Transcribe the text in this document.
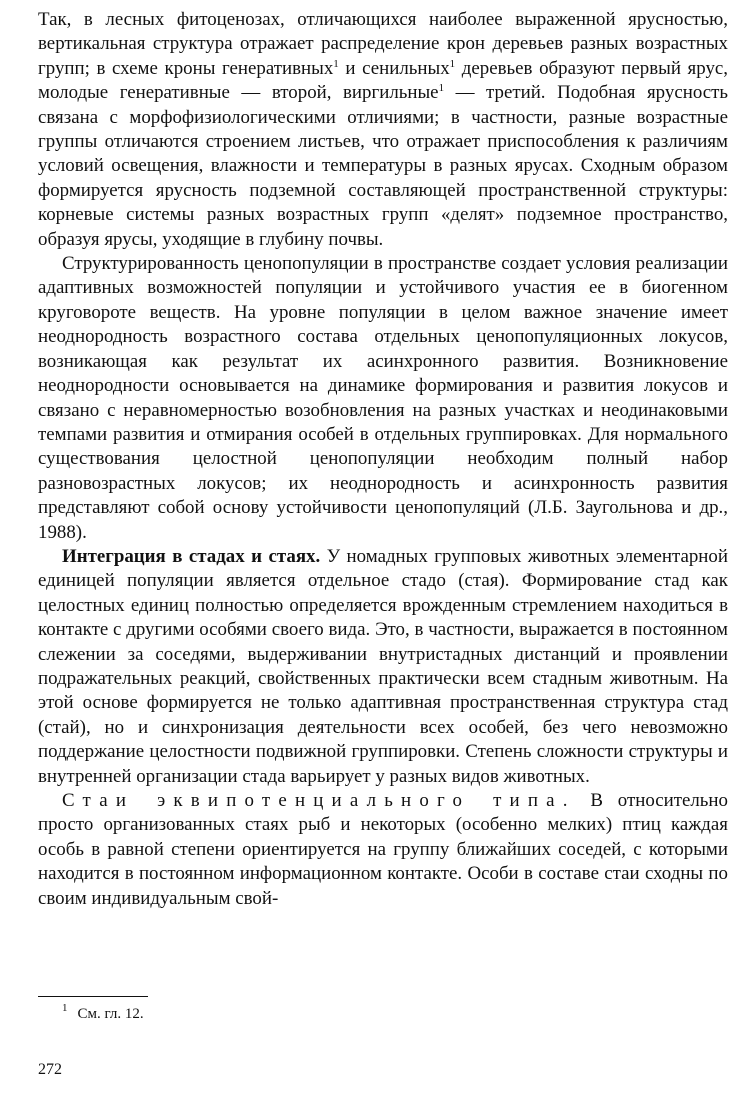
Так, в лесных фитоценозах, отличающихся наиболее выраженной ярусностью, вертикальная структура отражает распределение крон деревьев разных возрастных групп; в схеме кроны генеративных$^1$ и сенильных$^1$ деревьев образуют первый ярус, молодые генеративные — второй, виргильные$^1$ — третий. Подобная ярусность связана с морфофизиологическими отличиями; в частности, разные возрастные группы отличаются строением листьев, что отражает приспособления к различиям условий освещения, влажности и температуры в разных ярусах. Сходным образом формируется ярусность подземной составляющей пространственной структуры: корневые системы разных возрастных групп «делят» подземное пространство, образуя ярусы, уходящие в глубину почвы.

Структурированность ценопопуляции в пространстве создает условия реализации адаптивных возможностей популяции и устойчивого участия ее в биогенном круговороте веществ. На уровне популяции в целом важное значение имеет неоднородность возрастного состава отдельных ценопопуляционных локусов, возникающая как результат их асинхронного развития. Возникновение неоднородности основывается на динамике формирования и развития локусов и связано с неравномерностью возобновления на разных участках и неодинаковыми темпами развития и отмирания особей в отдельных группировках. Для нормального существования целостной ценопопуляции необходим полный набор разновозрастных локусов; их неоднородность и асинхронность развития представляют собой основу устойчивости ценопопуляций (Л.Б. Заугольнова и др., 1988).

Интеграция в стадах и стаях. У номадных групповых животных элементарной единицей популяции является отдельное стадо (стая). Формирование стад как целостных единиц полностью определяется врожденным стремлением находиться в контакте с другими особями своего вида. Это, в частности, выражается в постоянном слежении за соседями, выдерживании внутристадных дистанций и проявлении подражательных реакций, свойственных практически всем стадным животным. На этой основе формируется не только адаптивная пространственная структура стад (стай), но и синхронизация деятельности всех особей, без чего невозможно поддержание целостности подвижной группировки. Степень сложности структуры и внутренней организации стада варьирует у разных видов животных.

Стаи эквипотенциального типа. В относительно просто организованных стаях рыб и некоторых (особенно мелких) птиц каждая особь в равной степени ориентируется на группу ближайших соседей, с которыми находится в постоянном информационном контакте. Особи в составе стаи сходны по своим индивидуальным свой-

$^1$ См. гл. 12.
272
